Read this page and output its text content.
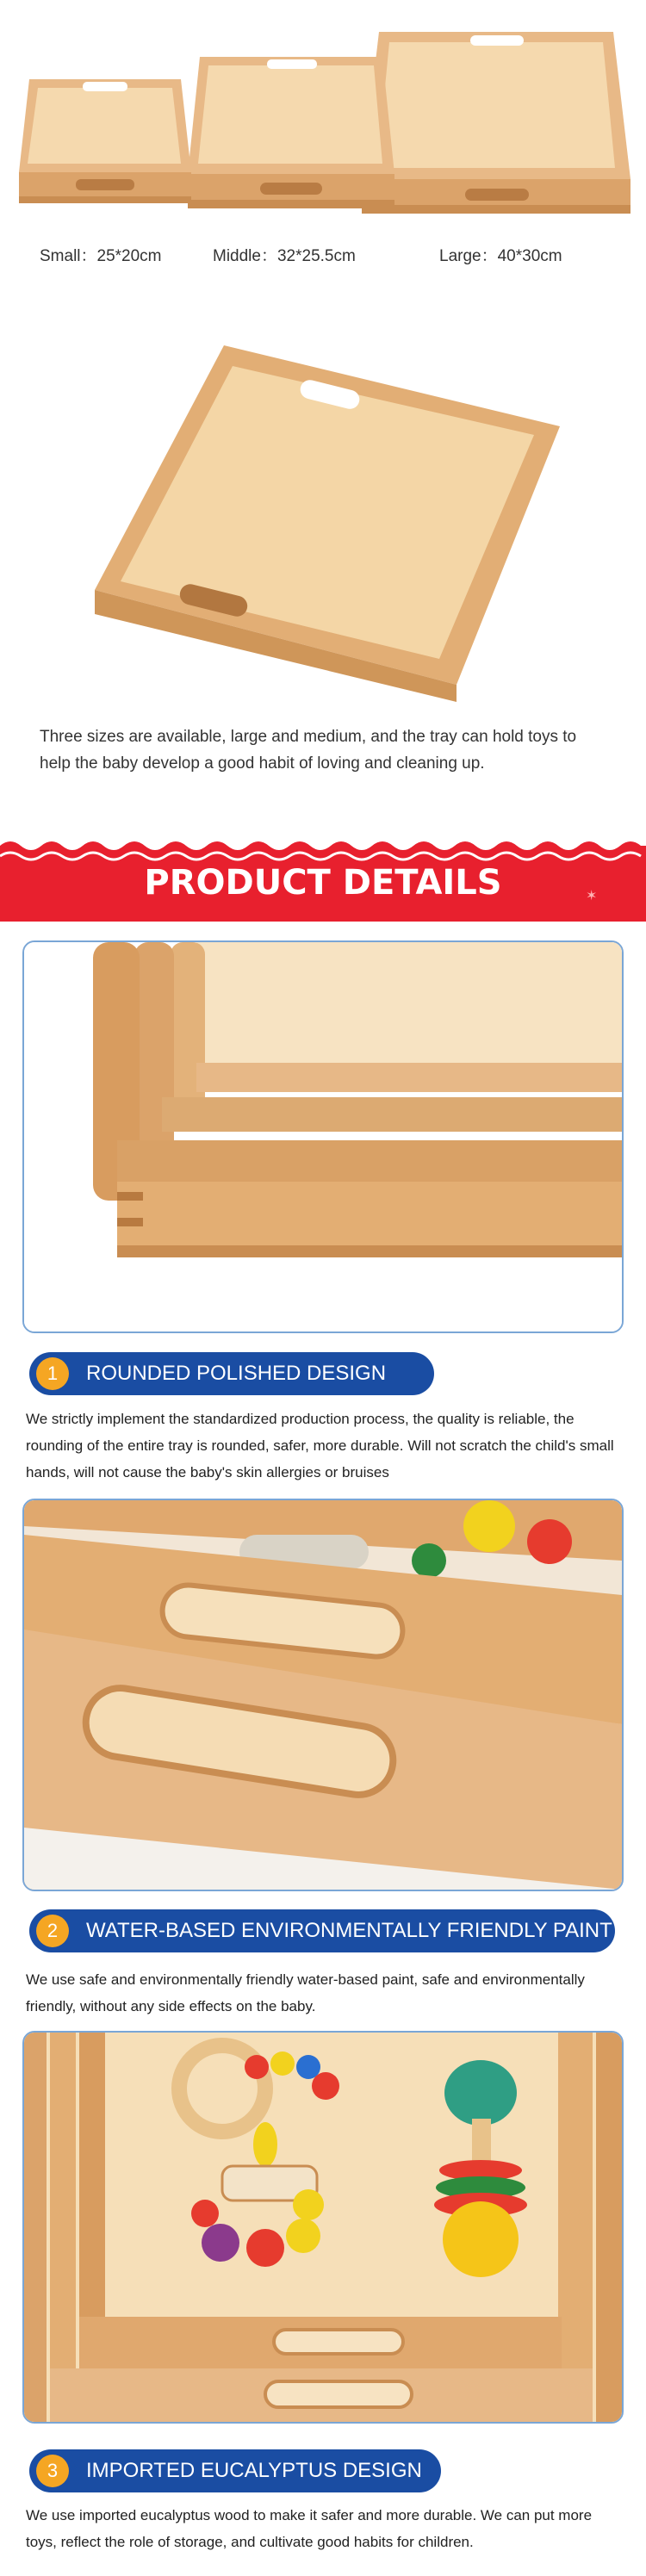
Small：25*20cm	Middle：32*25.5cm	Large：40*30cm
Three sizes are available, large and medium, and the tray can hold toys to help the baby develop a good habit of loving and cleaning up.
PRODUCT DETAILS	✶
1	ROUNDED POLISHED DESIGN
We strictly implement the standardized production process, the quality is reliable, the rounding of the entire tray is rounded, safer, more durable. Will not scratch the child's small hands, will not cause the baby's skin allergies or bruises
2	WATER-BASED ENVIRONMENTALLY FRIENDLY PAINT
We use safe and environmentally friendly water-based paint, safe and environmentally friendly, without any side effects on the baby.
3	IMPORTED EUCALYPTUS DESIGN
We use imported eucalyptus wood to make it safer and more durable. We can put more toys, reflect the role of storage, and cultivate good habits for children.
